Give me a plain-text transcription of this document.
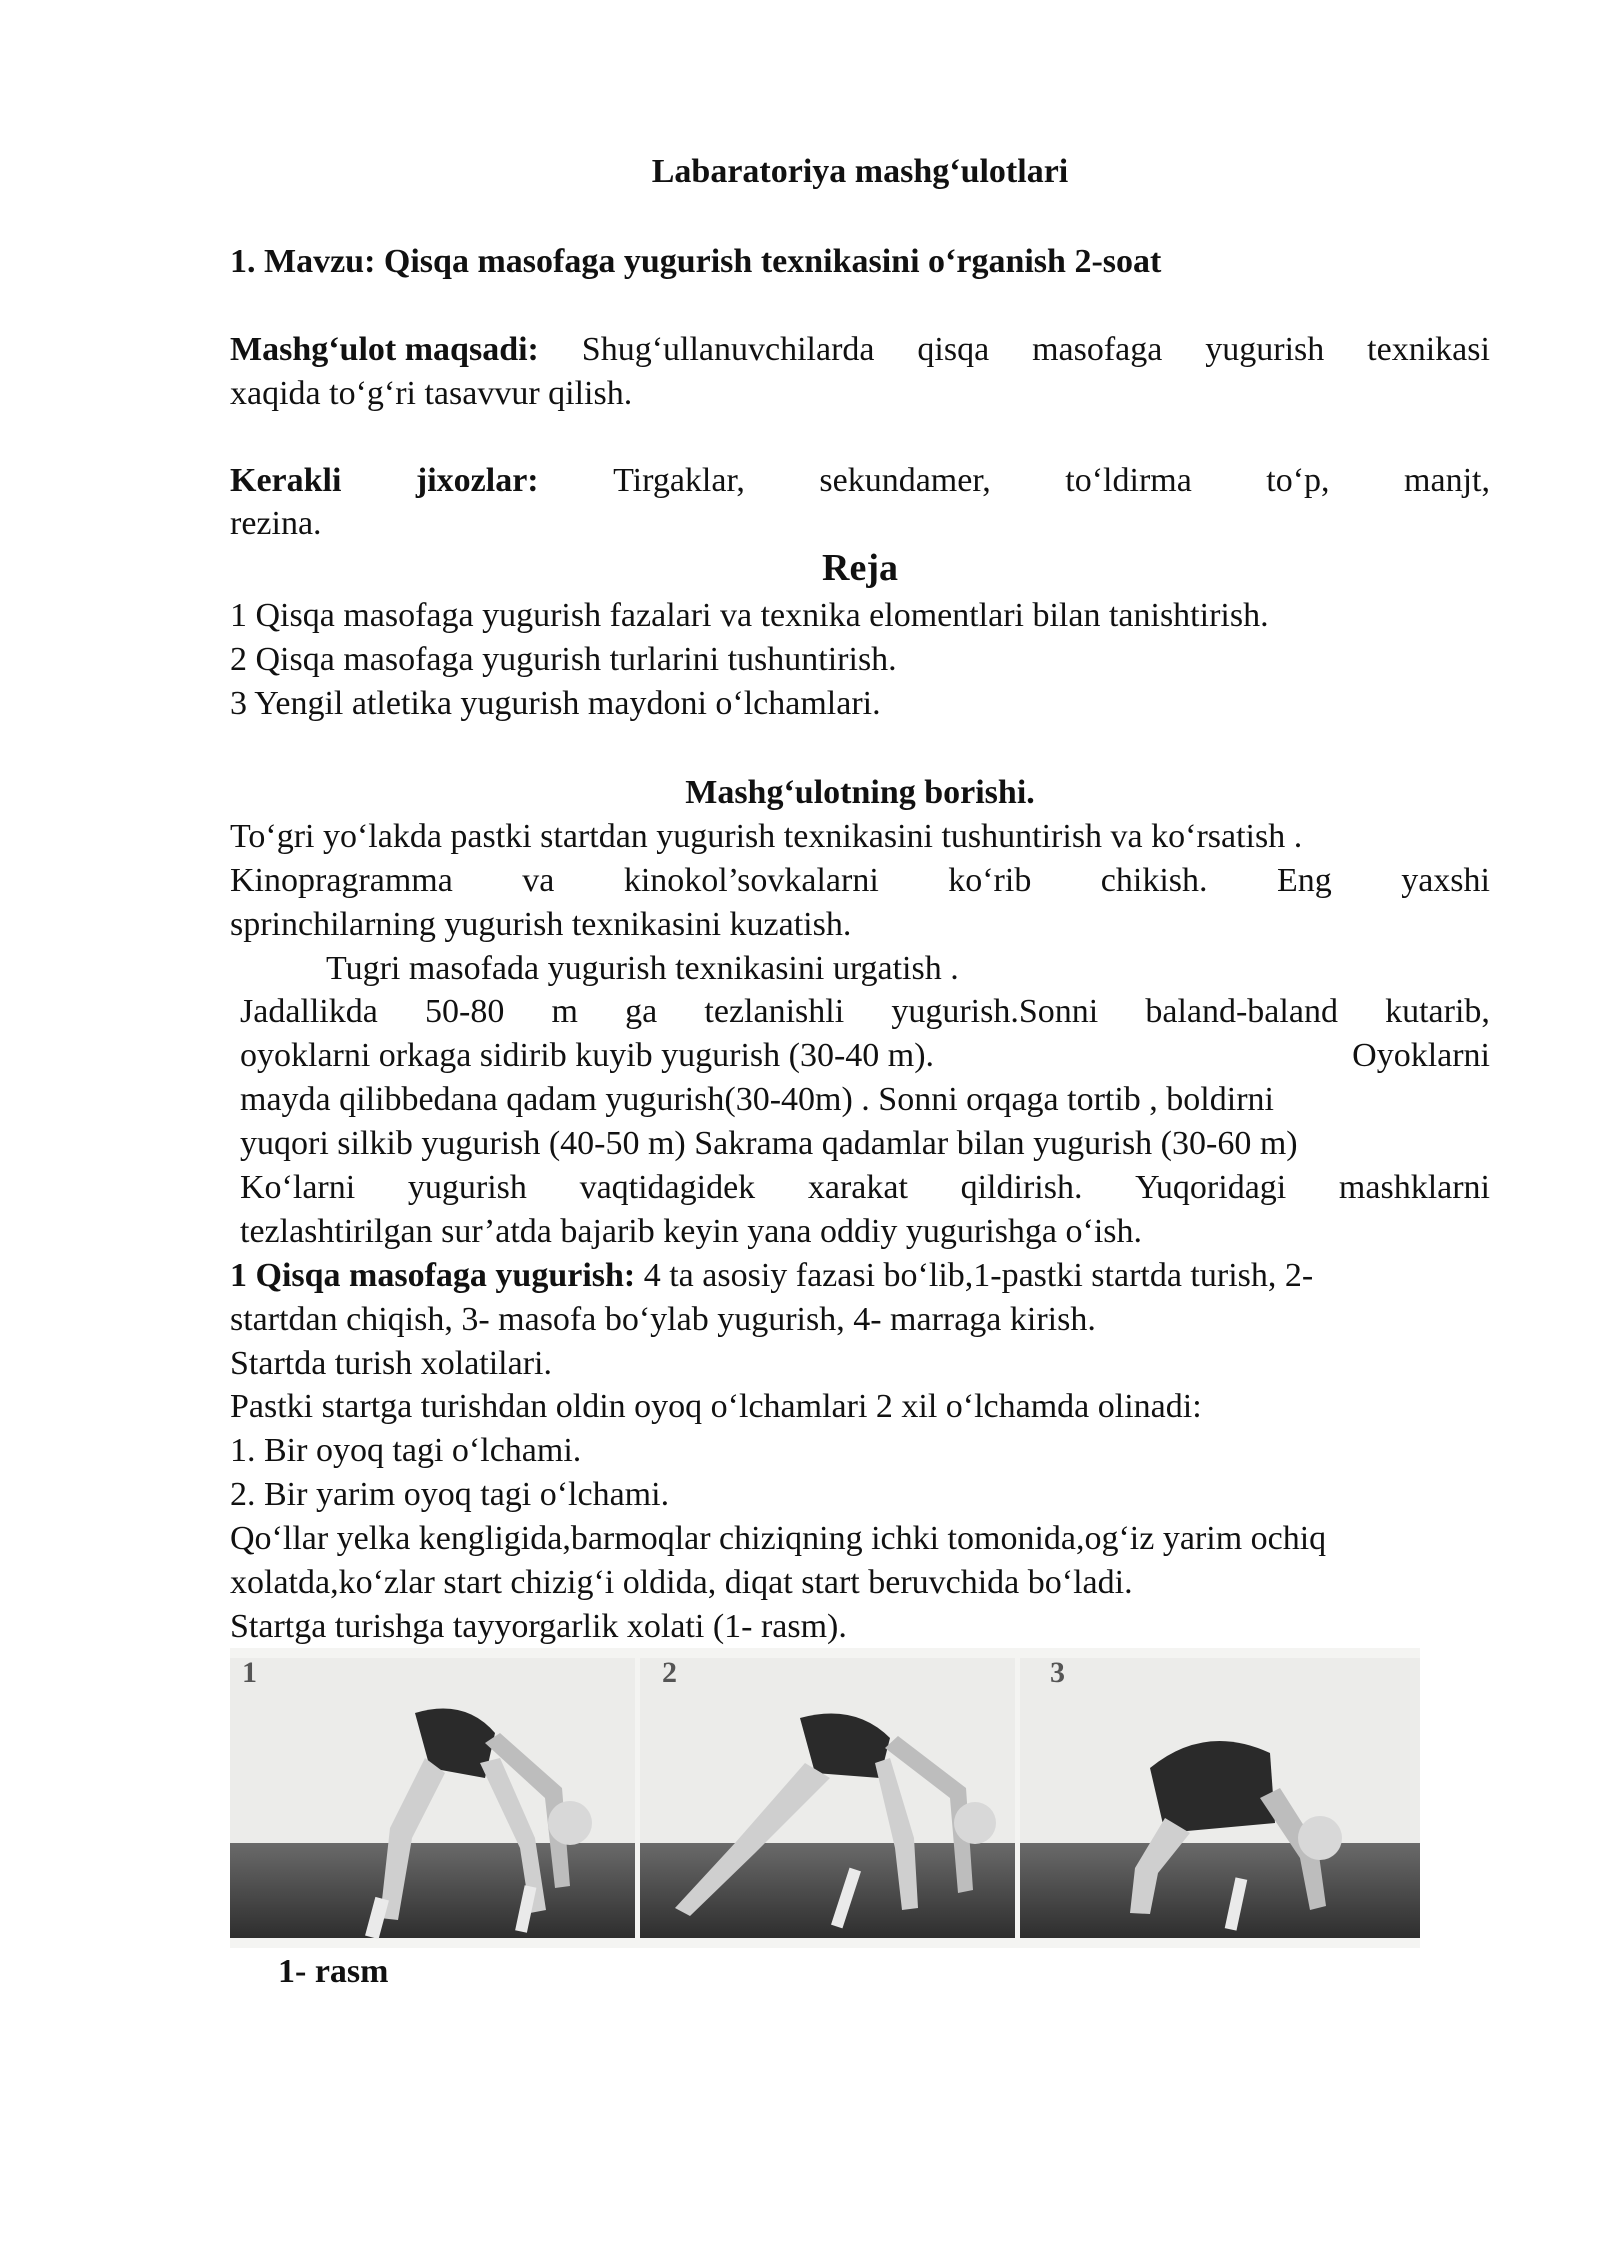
Labaratoriya mashg‘ulotlari
1. Mavzu: Qisqa masofaga yugurish texnikasini o‘rganish 2-soat
Mashg‘ulot maqsadi: Shug‘ullanuvchilarda qisqa masofaga yugurish texnikasi
xaqida to‘g‘ri tasavvur qilish.
Kerakli jixozlar: Tirgaklar, sekundamer, to‘ldirma to‘p, manjt,
rezina.
Reja
1 Qisqa masofaga yugurish fazalari va texnika elomentlari bilan tanishtirish.
2 Qisqa masofaga yugurish turlarini tushuntirish.
3 Yengil atletika yugurish maydoni o‘lchamlari.
Mashg‘ulotning borishi.
To‘gri yo‘lakda pastki startdan yugurish texnikasini tushuntirish va ko‘rsatish .
Kinopragramma va kinokol’sovkalarni ko‘rib chikish. Eng yaxshi
sprinchilarning yugurish texnikasini kuzatish.
Tugri masofada yugurish texnikasini urgatish .
Jadallikda 50-80 m ga tezlanishli yugurish.Sonni baland-baland kutarib,
oyoklarni orkaga sidirib kuyib yugurish (30-40 m).	Oyoklarni
mayda qilibbedana qadam yugurish(30-40m) . Sonni orqaga tortib , boldirni
yuqori silkib yugurish (40-50 m) Sakrama qadamlar bilan yugurish (30-60 m)
Ko‘larni yugurish vaqtidagidek xarakat qildirish. Yuqoridagi mashklarni
tezlashtirilgan sur’atda bajarib keyin yana oddiy yugurishga o‘ish.
1 Qisqa masofaga yugurish: 4 ta asosiy fazasi bo‘lib,1-pastki startda turish, 2-
startdan chiqish, 3- masofa bo‘ylab yugurish, 4- marraga kirish.
Startda turish xolatilari.
Pastki startga turishdan oldin oyoq o‘lchamlari 2 xil o‘lchamda olinadi:
1. Bir oyoq tagi o‘lchami.
2. Bir yarim oyoq tagi o‘lchami.
Qo‘llar yelka kengligida,barmoqlar chiziqning ichki tomonida,og‘iz yarim ochiq
xolatda,ko‘zlar start chizig‘i oldida, diqat start beruvchida bo‘ladi.
Startga turishga tayyorgarlik xolati (1- rasm).
1	2	3
1- rasm
